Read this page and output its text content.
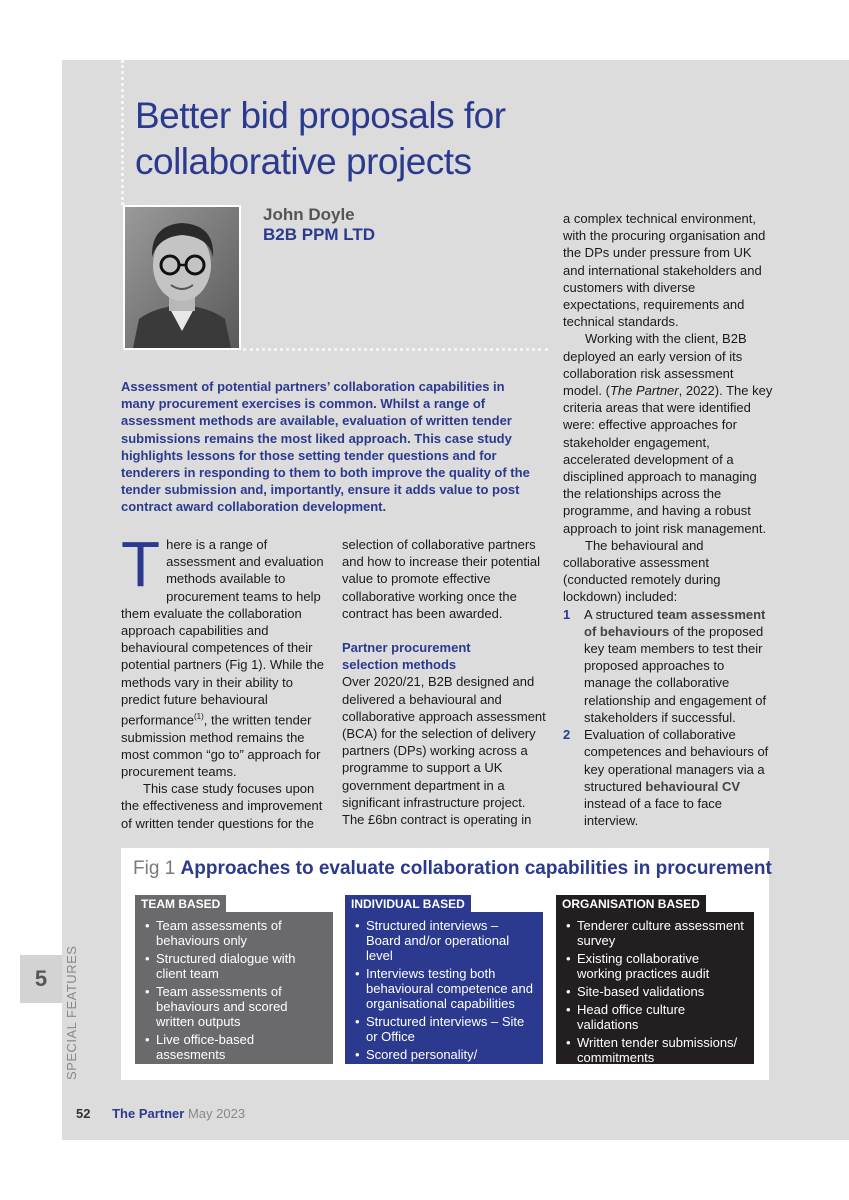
Better bid proposals for
collaborative projects
John Doyle
B2B PPM LTD
Assessment of potential partners’ collaboration capabilities in many procurement exercises is common. Whilst a range of assessment methods are available, evaluation of written tender submissions remains the most liked approach. This case study highlights lessons for those setting tender questions and for tenderers in responding to them to both improve the quality of the tender submission and, importantly, ensure it adds value to post contract award collaboration development.

There is a range of assessment and evaluation methods available to procurement teams to help them evaluate the collaboration approach capabilities and behavioural competences of their potential partners (Fig 1). While the methods vary in their ability to predict future behavioural performance$^{(1)}$, the written tender submission method remains the most common “go to” approach for procurement teams.

This case study focuses upon the effectiveness and improvement of written tender questions for the

selection of collaborative partners and how to increase their potential value to promote effective collaborative working once the contract has been awarded.

Partner procurement
selection methods

Over 2020/21, B2B designed and delivered a behavioural and collaborative approach assessment (BCA) for the selection of delivery partners (DPs) working across a programme to support a UK government department in a significant infrastructure project. The £6bn contract is operating in

a complex technical environment, with the procuring organisation and the DPs under pressure from UK and international stakeholders and customers with diverse expectations, requirements and technical standards.

Working with the client, B2B deployed an early version of its collaboration risk assessment model. (The Partner, 2022). The key criteria areas that were identified were: effective approaches for stakeholder engagement, accelerated development of a disciplined approach to managing the relationships across the programme, and having a robust approach to joint risk management.

The behavioural and collaborative assessment (conducted remotely during lockdown) included:

1 A structured team assessment of behaviours of the proposed key team members to test their proposed approaches to manage the collaborative relationship and engagement of stakeholders if successful.
2 Evaluation of collaborative competences and behaviours of key operational managers via a structured behavioural CV instead of a face to face interview.
Fig 1 Approaches to evaluate collaboration capabilities in procurement
TEAM BASED
• Team assessments of behaviours only
• Structured dialogue with client team
• Team assessments of behaviours and scored written outputs
• Live office-based assesments
INDIVIDUAL BASED
• Structured interviews – Board and/or operational level
• Interviews testing both behavioural competence and organisational capabilities
• Structured interviews – Site or Office
• Scored personality/ behavioural profile
ORGANISATION BASED
• Tenderer culture assessment survey
• Existing collaborative working practices audit
• Site-based validations
• Head office culture validations
• Written tender submissions/ commitments
5	SPECIAL FEATURES
52 The Partner May 2023
